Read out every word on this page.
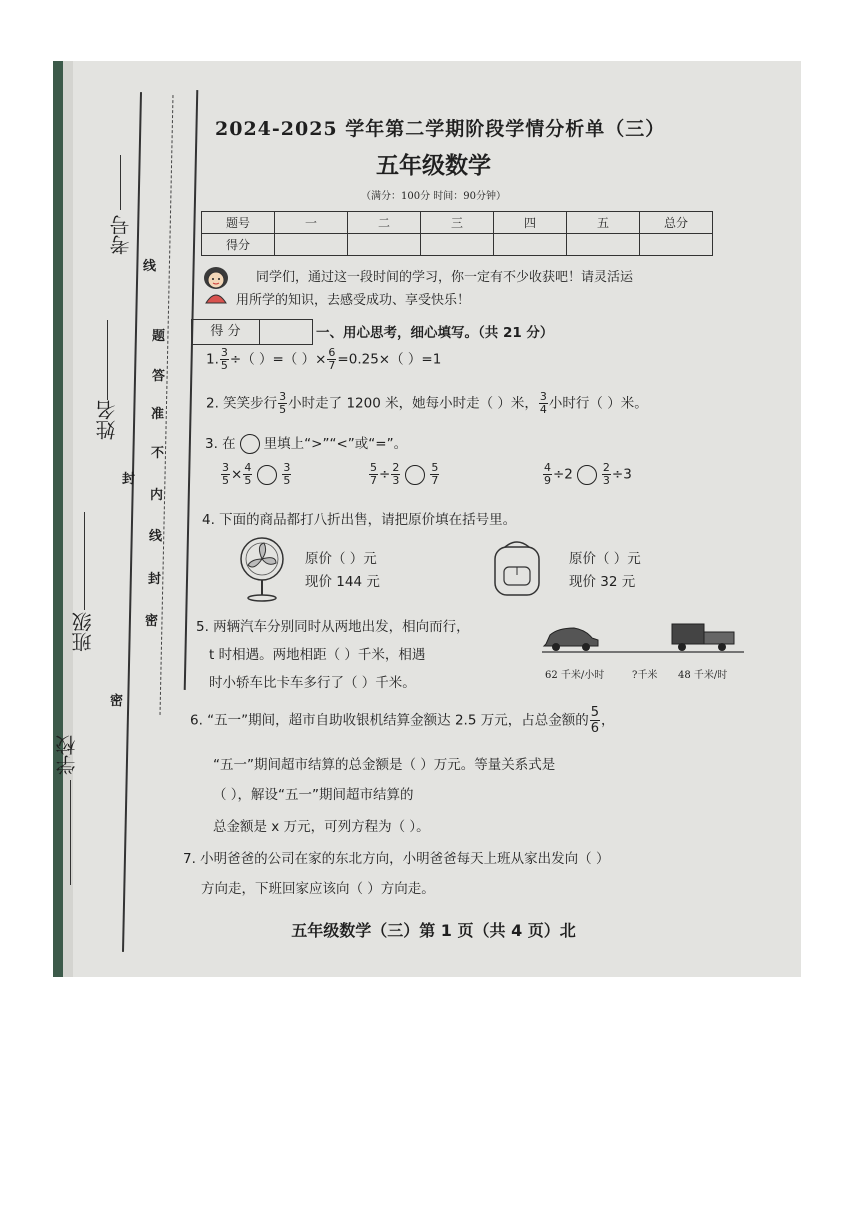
考号
姓名
班级
学校
线
封
密
题
答
准
不
内
线
封
密
2024-2025 学年第二学期阶段学情分析单（三）
五年级数学
（满分：100分 时间：90分钟）
题号	一	二	三	四	五	总分
得分						
同学们，通过这一段时间的学习，你一定有不少收获吧！请灵活运
用所学的知识，去感受成功、享受快乐！
得 分	一、用心思考，细心填写。（共 21 分）
1. $\frac{3}{5}$ ÷（ ）=（ ）× $\frac{6}{7} =0.25\times$（ ）=1
2. 笑笑步行 $\frac{3}{5}$ 小时走了 1200 米，她每小时走（ ）米， $\frac{3}{4}$ 小时行（ ）米。
3. 在 里填上“>”“<”或“=”。
$\frac{3}{5} \times \frac{4}{5}$	$\frac{3}{5}$	$\frac{5}{7} \div \frac{2}{3}$	$\frac{5}{7}$	$\frac{4}{9} \div 2$	$\frac{2}{3} \div 3$
4. 下面的商品都打八折出售，请把原价填在括号里。
原价（ ）元
现价 144 元
原价（ ）元
现价 32 元
5. 两辆汽车分别同时从两地出发，相向而行，
t 时相遇。两地相距（ ）千米，相遇
时小轿车比卡车多行了（ ）千米。	62 千米/小时	?千米 48 千米/时
6. “五一”期间，超市自助收银机结算金额达 2.5 万元，占总金额的 $\frac{5}{6}$ ，
“五一”期间超市结算的总金额是（ ）万元。等量关系式是
（ ），解设“五一”期间超市结算的
总金额是 x 万元，可列方程为（ ）。
7. 小明爸爸的公司在家的东北方向，小明爸爸每天上班从家出发向（ ）
方向走，下班回家应该向（ ）方向走。
五年级数学（三）第 1 页（共 4 页）北
